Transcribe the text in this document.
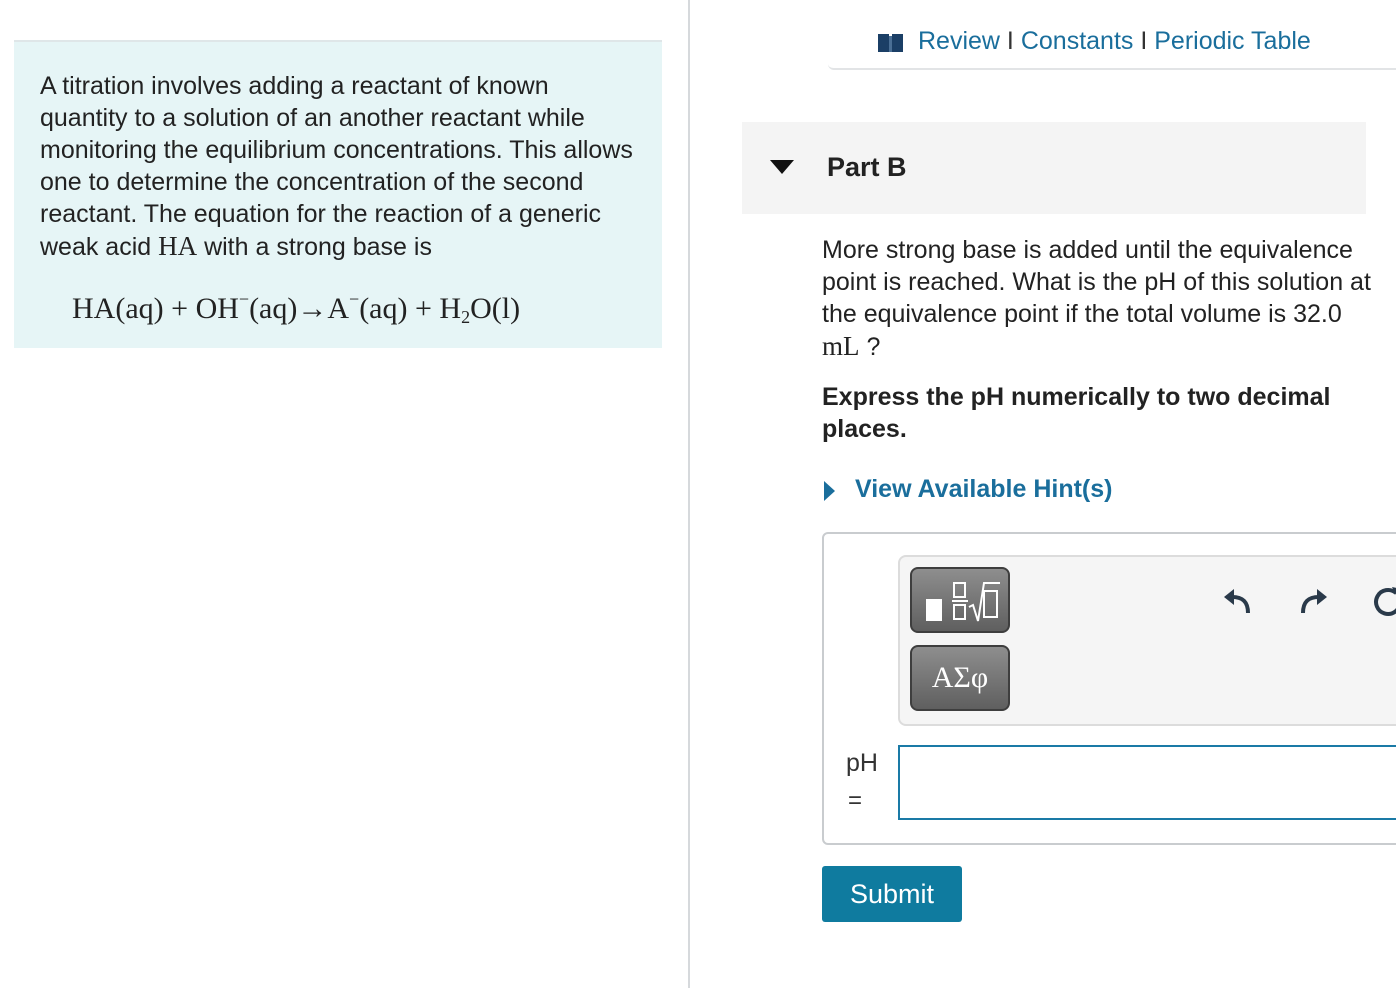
A titration involves adding a reactant of known quantity to a solution of an another reactant while monitoring the equilibrium concentrations. This allows one to determine the concentration of the second reactant. The equation for the reaction of a generic weak acid HA with a strong base is
$HA(aq) + OH^-(aq)\to A^-(aq) + H_2O(l)$
Review I Constants I Periodic Table
Part B
More strong base is added until the equivalence point is reached. What is the pH of this solution at the equivalence point if the total volume is 32.0 mL ?
Express the pH numerically to two decimal places.
View Available Hint(s)
ΑΣφ
pH
=
Submit
